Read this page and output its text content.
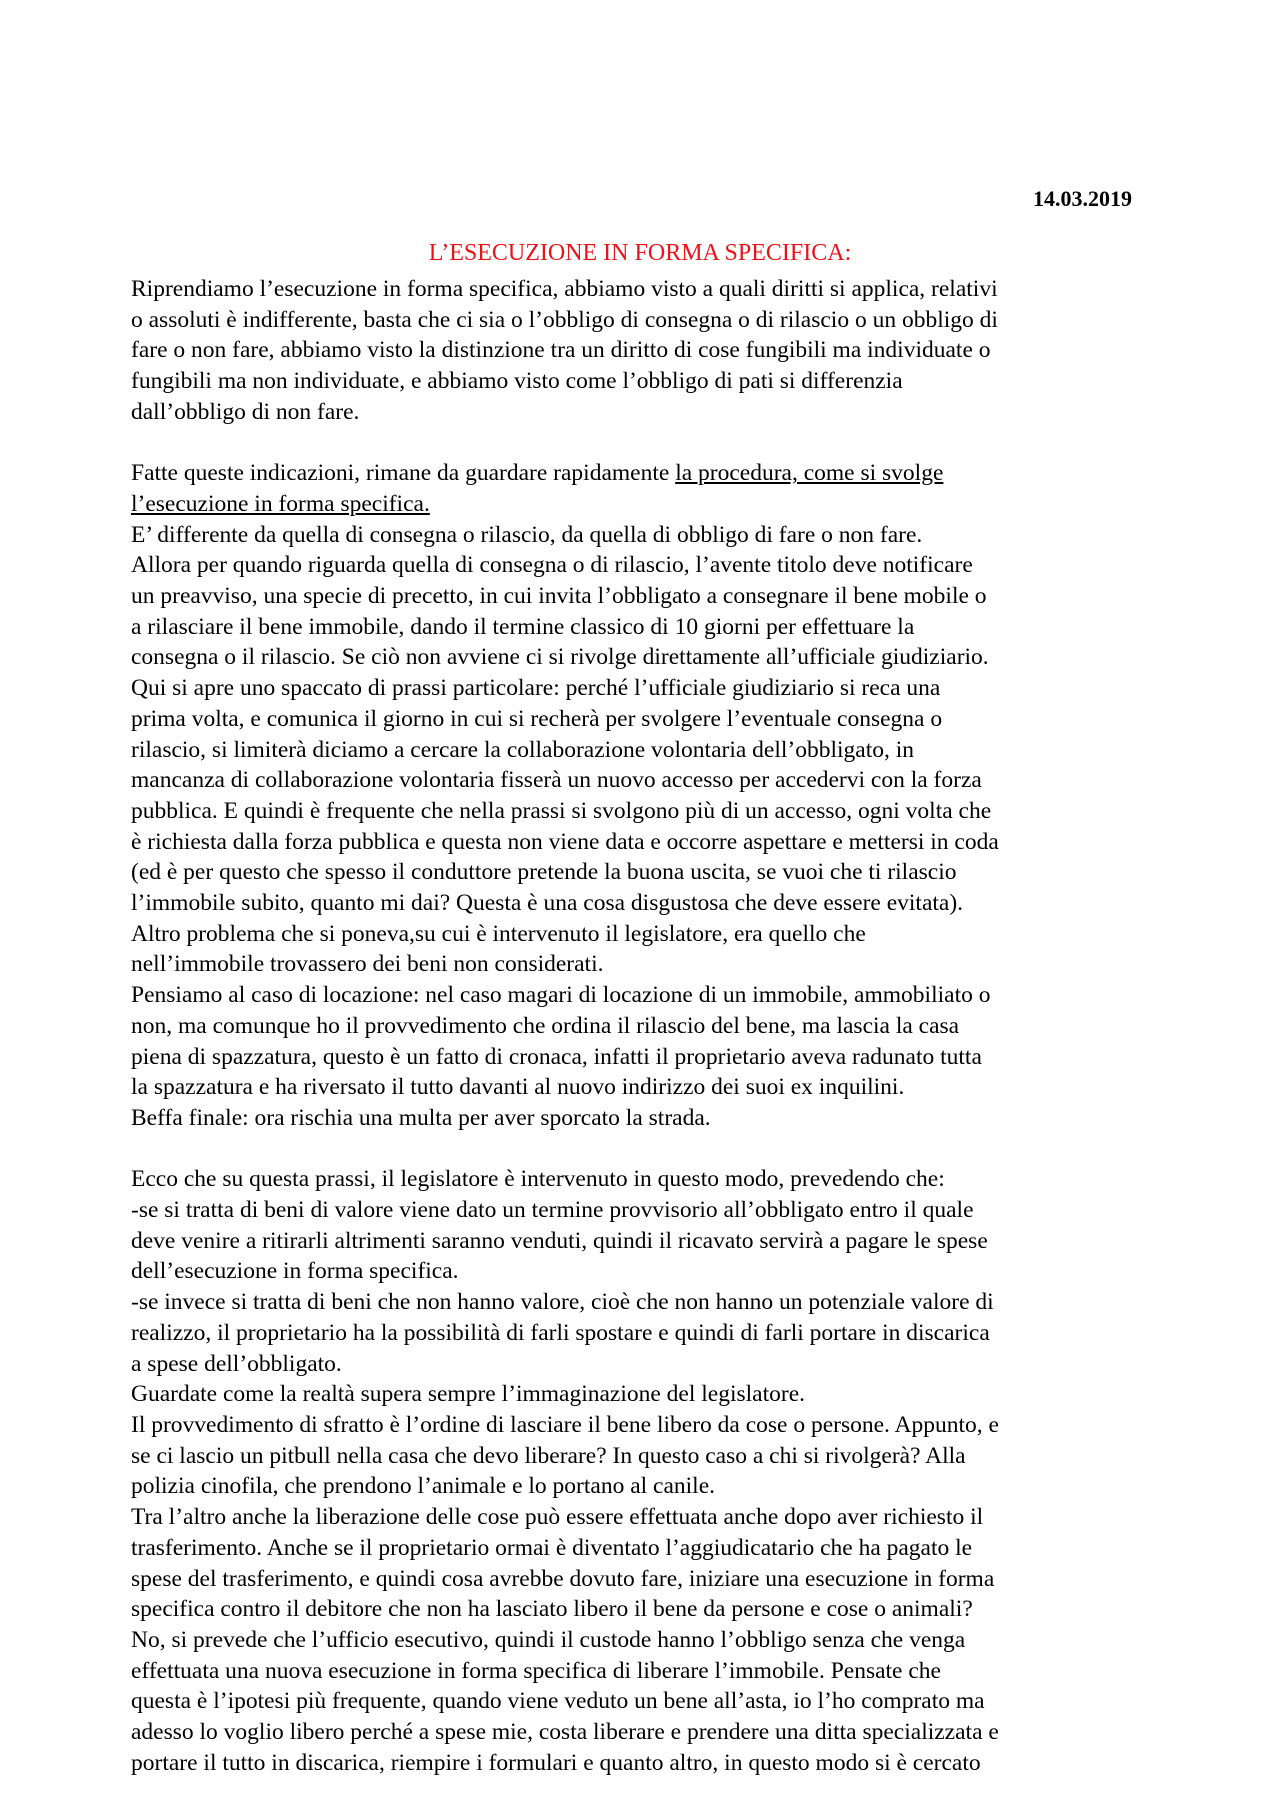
14.03.2019
L’ESECUZIONE IN FORMA SPECIFICA:
Riprendiamo l’esecuzione in forma specifica, abbiamo visto a quali diritti si applica, relativi
o assoluti è indifferente, basta che ci sia o l’obbligo di consegna o di rilascio o un obbligo di
fare o non fare, abbiamo visto la distinzione tra un diritto di cose fungibili ma individuate o
fungibili ma non individuate, e abbiamo visto come l’obbligo di pati si differenzia
dall’obbligo di non fare.
Fatte queste indicazioni, rimane da guardare rapidamente la procedura, come si svolge
l’esecuzione in forma specifica.
E’ differente da quella di consegna o rilascio, da quella di obbligo di fare o non fare.
Allora per quando riguarda quella di consegna o di rilascio, l’avente titolo deve notificare
un preavviso, una specie di precetto, in cui invita l’obbligato a consegnare il bene mobile o
a rilasciare il bene immobile, dando il termine classico di 10 giorni per effettuare la
consegna o il rilascio. Se ciò non avviene ci si rivolge direttamente all’ufficiale giudiziario.
Qui si apre uno spaccato di prassi particolare: perché l’ufficiale giudiziario si reca una
prima volta, e comunica il giorno in cui si recherà per svolgere l’eventuale consegna o
rilascio, si limiterà diciamo a cercare la collaborazione volontaria dell’obbligato, in
mancanza di collaborazione volontaria fisserà un nuovo accesso per accedervi con la forza
pubblica. E quindi è frequente che nella prassi si svolgono più di un accesso, ogni volta che
è richiesta dalla forza pubblica e questa non viene data e occorre aspettare e mettersi in coda
(ed è per questo che spesso il conduttore pretende la buona uscita, se vuoi che ti rilascio
l’immobile subito, quanto mi dai? Questa è una cosa disgustosa che deve essere evitata).
Altro problema che si poneva,su cui è intervenuto il legislatore, era quello che
nell’immobile trovassero dei beni non considerati.
Pensiamo al caso di locazione: nel caso magari di locazione di un immobile, ammobiliato o
non, ma comunque ho il provvedimento che ordina il rilascio del bene, ma lascia la casa
piena di spazzatura, questo è un fatto di cronaca, infatti il proprietario aveva radunato tutta
la spazzatura e ha riversato il tutto davanti al nuovo indirizzo dei suoi ex inquilini.
Beffa finale: ora rischia una multa per aver sporcato la strada.
Ecco che su questa prassi, il legislatore è intervenuto in questo modo, prevedendo che:
-se si tratta di beni di valore viene dato un termine provvisorio all’obbligato entro il quale
deve venire a ritirarli altrimenti saranno venduti, quindi il ricavato servirà a pagare le spese
dell’esecuzione in forma specifica.
-se invece si tratta di beni che non hanno valore, cioè che non hanno un potenziale valore di
realizzo, il proprietario ha la possibilità di farli spostare e quindi di farli portare in discarica
a spese dell’obbligato.
Guardate come la realtà supera sempre l’immaginazione del legislatore.
Il provvedimento di sfratto è l’ordine di lasciare il bene libero da cose o persone. Appunto, e
se ci lascio un pitbull nella casa che devo liberare? In questo caso a chi si rivolgerà? Alla
polizia cinofila, che prendono l’animale e lo portano al canile.
Tra l’altro anche la liberazione delle cose può essere effettuata anche dopo aver richiesto il
trasferimento. Anche se il proprietario ormai è diventato l’aggiudicatario che ha pagato le
spese del trasferimento, e quindi cosa avrebbe dovuto fare, iniziare una esecuzione in forma
specifica contro il debitore che non ha lasciato libero il bene da persone e cose o animali?
No, si prevede che l’ufficio esecutivo, quindi il custode hanno l’obbligo senza che venga
effettuata una nuova esecuzione in forma specifica di liberare l’immobile. Pensate che
questa è l’ipotesi più frequente, quando viene veduto un bene all’asta, io l’ho comprato ma
adesso lo voglio libero perché a spese mie, costa liberare e prendere una ditta specializzata e
portare il tutto in discarica, riempire i formulari e quanto altro, in questo modo si è cercato
